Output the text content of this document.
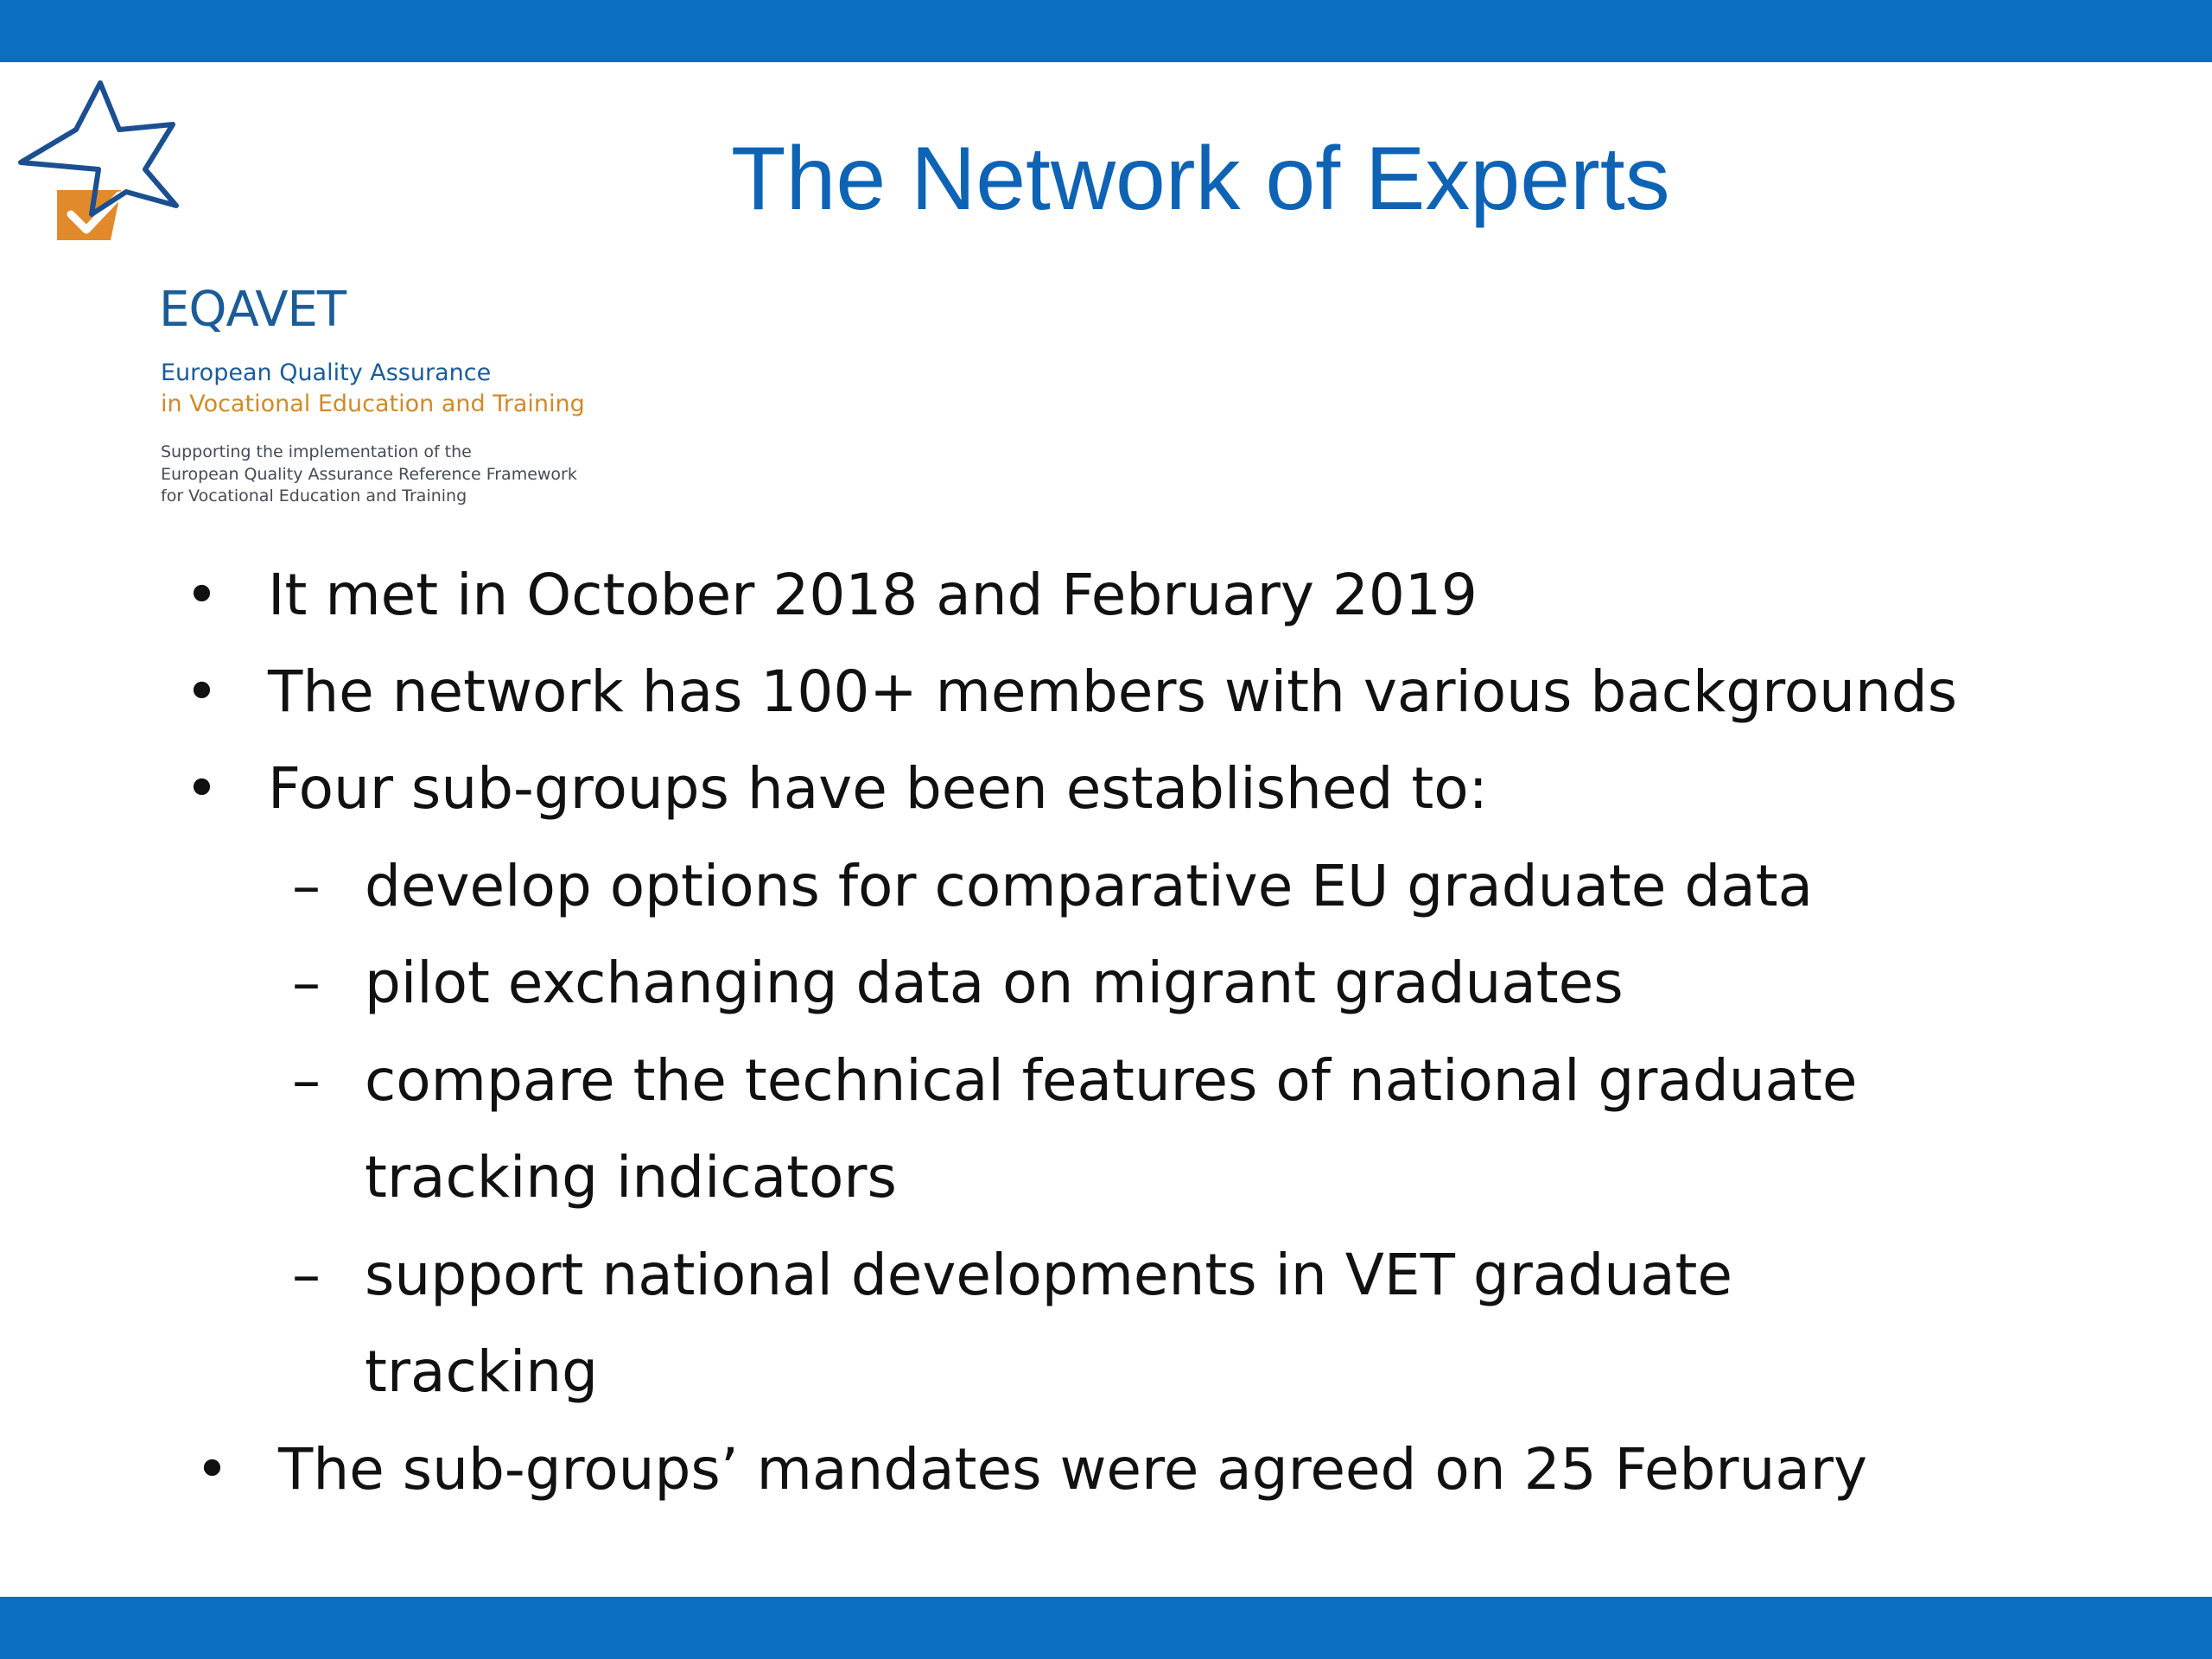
EQAVET
European Quality Assurance
in Vocational Education and Training
Supporting the implementation of the
European Quality Assurance Reference Framework
for Vocational Education and Training
The Network of Experts
• It met in October 2018 and February 2019
• The network has 100+ members with various backgrounds
• Four sub-groups have been established to:
– develop options for comparative EU graduate data
– pilot exchanging data on migrant graduates
– compare the technical features of national graduate
tracking indicators
– support national developments in VET graduate
tracking
• The sub-groups’ mandates were agreed on 25 February
